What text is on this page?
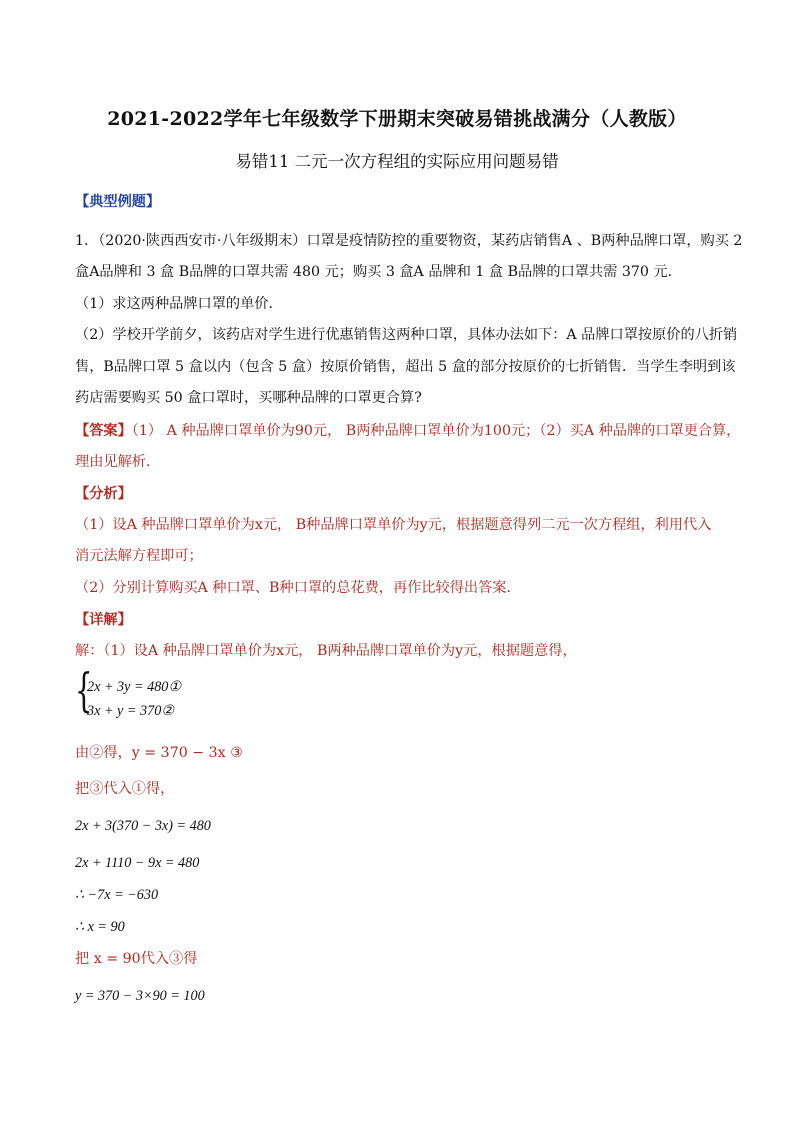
2021-2022学年七年级数学下册期末突破易错挑战满分（人教版）
易错11 二元一次方程组的实际应用问题易错
【典型例题】
1．（2020·陕西西安市·八年级期末）口罩是疫情防控的重要物资，某药店销售A 、B两种品牌口罩，购买 2
盒A品牌和 3 盒 B品牌的口罩共需 480 元；购买 3 盒A 品牌和 1 盒 B品牌的口罩共需 370 元．
（1）求这两种品牌口罩的单价．
（2）学校开学前夕，该药店对学生进行优惠销售这两种口罩，具体办法如下：A 品牌口罩按原价的八折销
售，B品牌口罩 5 盒以内（包含 5 盒）按原价销售，超出 5 盒的部分按原价的七折销售．当学生李明到该
药店需要购买 50 盒口罩时，买哪种品牌的口罩更合算?
【答案】（1） A 种品牌口罩单价为90元， B两种品牌口罩单价为100元；（2）买A 种品牌的口罩更合算，
理由见解析．
【分析】
（1）设A 种品牌口罩单价为x元， B种品牌口罩单价为y元，根据题意得列二元一次方程组，利用代入
消元法解方程即可；
（2）分别计算购买A 种口罩、B种口罩的总花费，再作比较得出答案．
【详解】
解：（1）设A 种品牌口罩单价为x元， B两种品牌口罩单价为y元，根据题意得，
{
2x + 3y = 480①
3x + y = 370②
由②得，y = 370 − 3x ③
把③代入①得，
2x + 3(370 − 3x) = 480
2x + 1110 − 9x = 480
∴ −7x = −630
∴ x = 90
把 x = 90代入③得
y = 370 − 3×90 = 100
